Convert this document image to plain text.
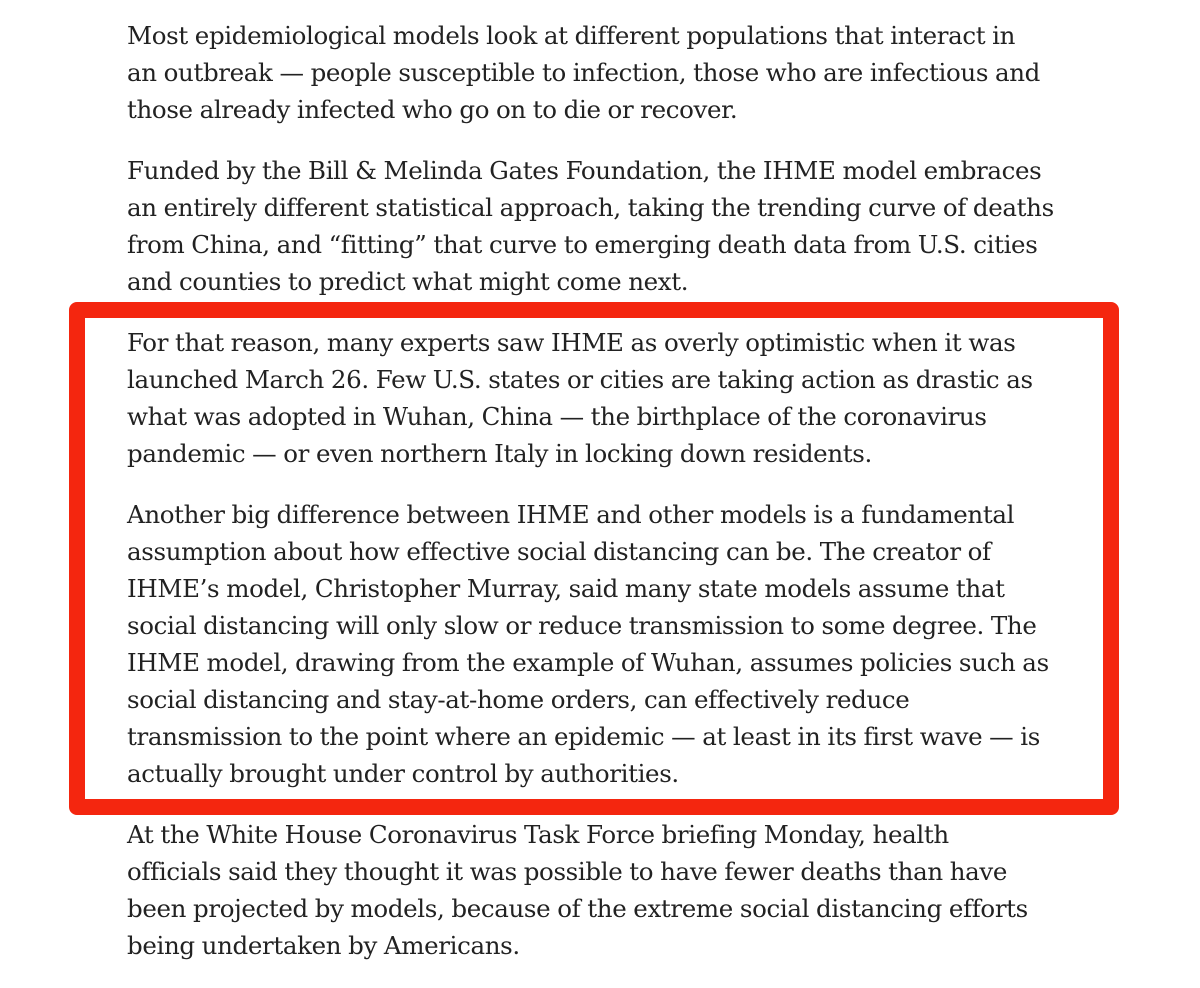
Most epidemiological models look at different populations that interact in
an outbreak — people susceptible to infection, those who are infectious and
those already infected who go on to die or recover.

Funded by the Bill & Melinda Gates Foundation, the IHME model embraces
an entirely different statistical approach, taking the trending curve of deaths
from China, and “fitting” that curve to emerging death data from U.S. cities
and counties to predict what might come next.

For that reason, many experts saw IHME as overly optimistic when it was
launched March 26. Few U.S. states or cities are taking action as drastic as
what was adopted in Wuhan, China — the birthplace of the coronavirus
pandemic — or even northern Italy in locking down residents.

Another big difference between IHME and other models is a fundamental
assumption about how effective social distancing can be. The creator of
IHME’s model, Christopher Murray, said many state models assume that
social distancing will only slow or reduce transmission to some degree. The
IHME model, drawing from the example of Wuhan, assumes policies such as
social distancing and stay-at-home orders, can effectively reduce
transmission to the point where an epidemic — at least in its first wave — is
actually brought under control by authorities.

At the White House Coronavirus Task Force briefing Monday, health
officials said they thought it was possible to have fewer deaths than have
been projected by models, because of the extreme social distancing efforts
being undertaken by Americans.
